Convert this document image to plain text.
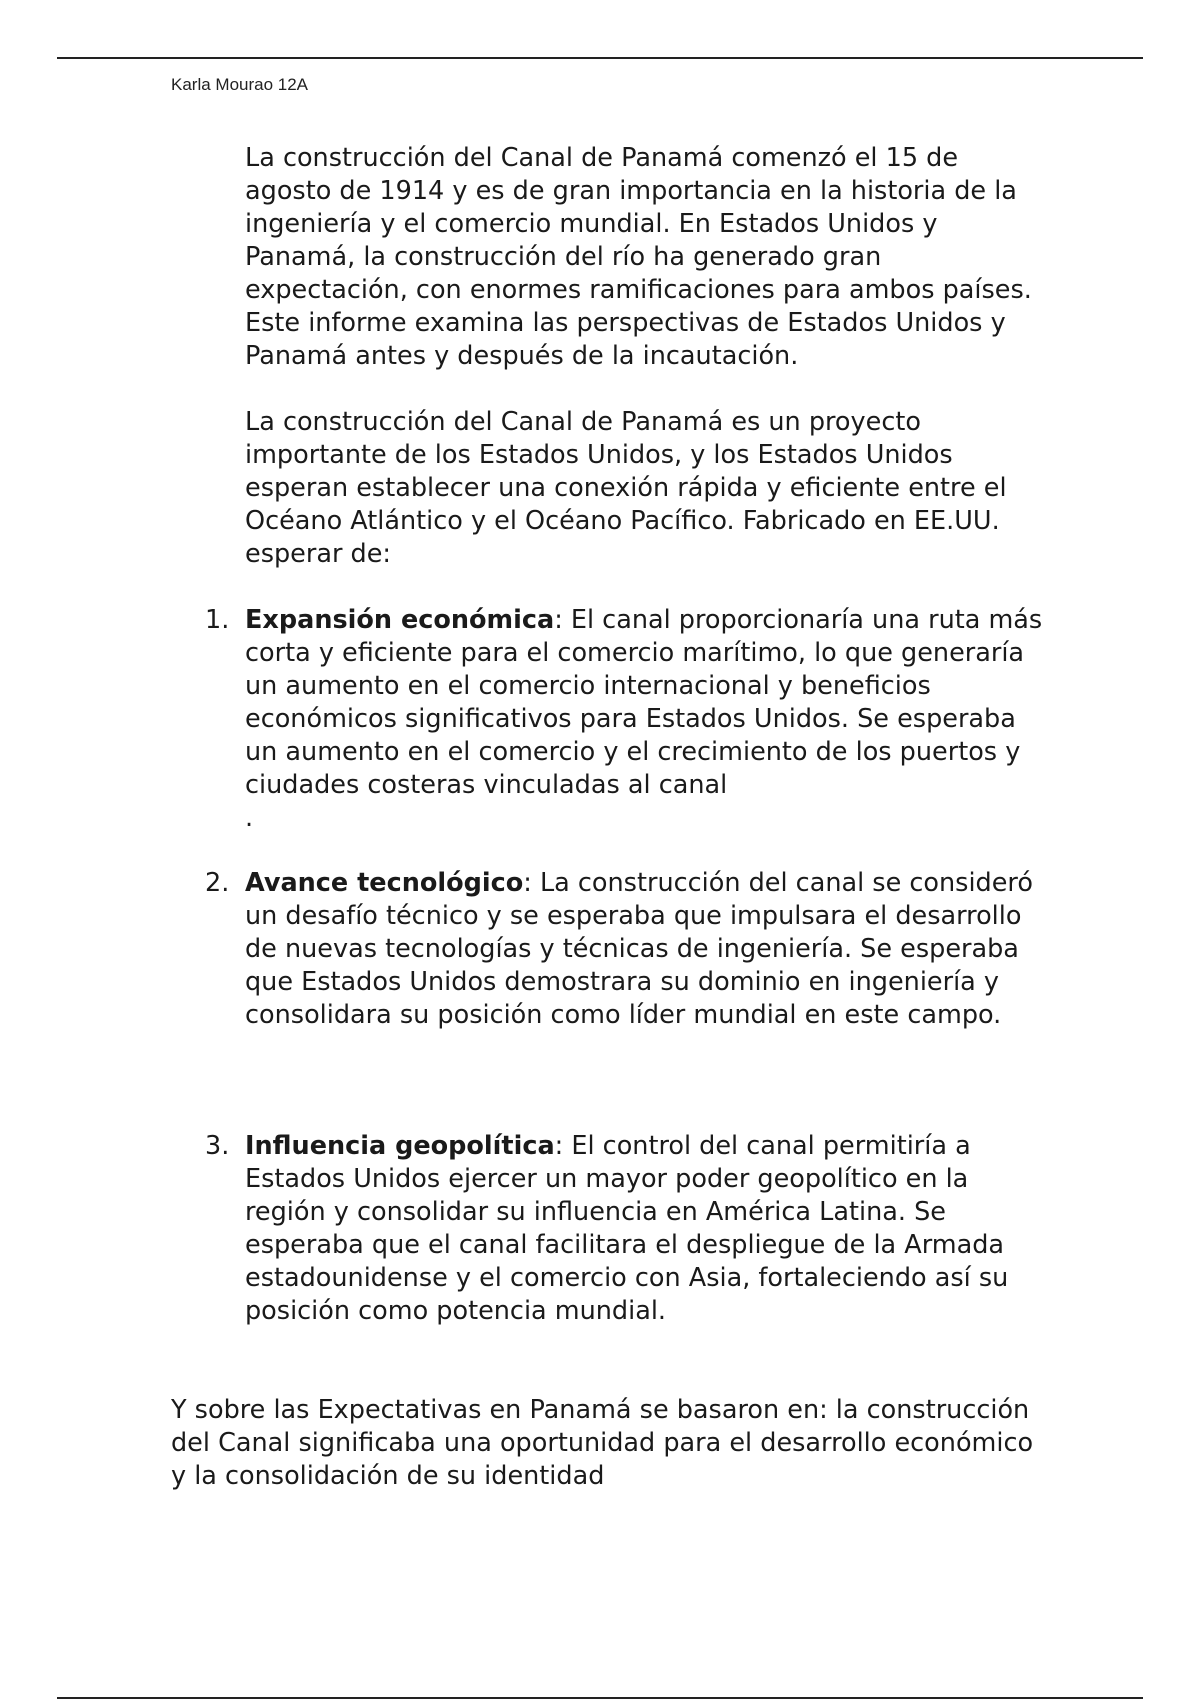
Karla Mourao 12A

La construcción del Canal de Panamá comenzó el 15 de agosto de 1914 y es de gran importancia en la historia de la ingeniería y el comercio mundial. En Estados Unidos y Panamá, la construcción del río ha generado gran expectación, con enormes ramificaciones para ambos países. Este informe examina las perspectivas de Estados Unidos y Panamá antes y después de la incautación.

La construcción del Canal de Panamá es un proyecto importante de los Estados Unidos, y los Estados Unidos esperan establecer una conexión rápida y eficiente entre el Océano Atlántico y el Océano Pacífico. Fabricado en EE.UU. esperar de:

1. Expansión económica: El canal proporcionaría una ruta más corta y eficiente para el comercio marítimo, lo que generaría un aumento en el comercio internacional y beneficios económicos significativos para Estados Unidos. Se esperaba un aumento en el comercio y el crecimiento de los puertos y ciudades costeras vinculadas al canal
.

2. Avance tecnológico: La construcción del canal se consideró un desafío técnico y se esperaba que impulsara el desarrollo de nuevas tecnologías y técnicas de ingeniería. Se esperaba que Estados Unidos demostrara su dominio en ingeniería y consolidara su posición como líder mundial en este campo.

3. Influencia geopolítica: El control del canal permitiría a Estados Unidos ejercer un mayor poder geopolítico en la región y consolidar su influencia en América Latina. Se esperaba que el canal facilitara el despliegue de la Armada estadounidense y el comercio con Asia, fortaleciendo así su posición como potencia mundial.

Y sobre las Expectativas en Panamá se basaron en: la construcción del Canal significaba una oportunidad para el desarrollo económico y la consolidación de su identidad
